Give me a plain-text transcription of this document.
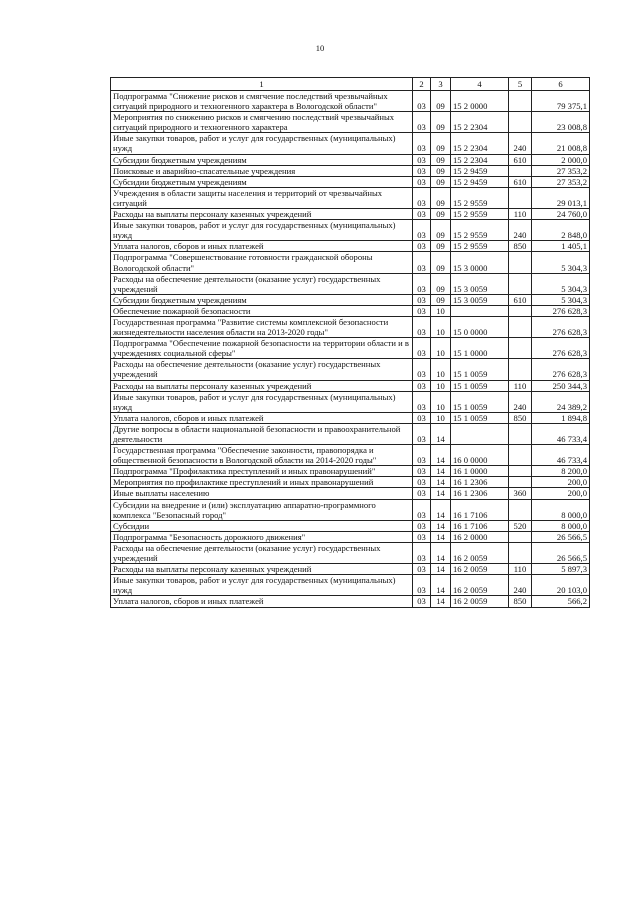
10
1	2	3	4	5	6
Подпрограмма "Снижение рисков и смягчение последствий чрезвычайных ситуаций природного и техногенного характера в Вологодской области"	03	09	15 2 0000		79 375,1
Мероприятия по снижению рисков и смягчению последствий чрезвычайных ситуаций природного и техногенного характера	03	09	15 2 2304		23 008,8
Иные закупки товаров, работ и услуг для государственных (муниципальных) нужд	03	09	15 2 2304	240	21 008,8
Субсидии бюджетным учреждениям	03	09	15 2 2304	610	2 000,0
Поисковые и аварийно-спасательные учреждения	03	09	15 2 9459		27 353,2
Субсидии бюджетным учреждениям	03	09	15 2 9459	610	27 353,2
Учреждения в области защиты населения и территорий от чрезвычайных ситуаций	03	09	15 2 9559		29 013,1
Расходы на выплаты персоналу казенных учреждений	03	09	15 2 9559	110	24 760,0
Иные закупки товаров, работ и услуг для государственных (муниципальных) нужд	03	09	15 2 9559	240	2 848,0
Уплата налогов, сборов и иных платежей	03	09	15 2 9559	850	1 405,1
Подпрограмма "Совершенствование готовности гражданской обороны Вологодской области"	03	09	15 3 0000		5 304,3
Расходы на обеспечение деятельности (оказание услуг) государственных учреждений	03	09	15 3 0059		5 304,3
Субсидии бюджетным учреждениям	03	09	15 3 0059	610	5 304,3
Обеспечение пожарной безопасности	03	10			276 628,3
Государственная программа "Развитие системы комплексной безопасности жизнедеятельности населения области на 2013-2020 годы"	03	10	15 0 0000		276 628,3
Подпрограмма "Обеспечение пожарной безопасности на территории области и в учреждениях социальной сферы"	03	10	15 1 0000		276 628,3
Расходы на обеспечение деятельности (оказание услуг) государственных учреждений	03	10	15 1 0059		276 628,3
Расходы на выплаты персоналу казенных учреждений	03	10	15 1 0059	110	250 344,3
Иные закупки товаров, работ и услуг для государственных (муниципальных) нужд	03	10	15 1 0059	240	24 389,2
Уплата налогов, сборов и иных платежей	03	10	15 1 0059	850	1 894,8
Другие вопросы в области национальной безопасности и правоохранительной деятельности	03	14			46 733,4
Государственная программа "Обеспечение законности, правопорядка и общественной безопасности в Вологодской области на 2014-2020 годы"	03	14	16 0 0000		46 733,4
Подпрограмма "Профилактика преступлений и иных правонарушений"	03	14	16 1 0000		8 200,0
Мероприятия по профилактике преступлений и иных правонарушений	03	14	16 1 2306		200,0
Иные выплаты населению	03	14	16 1 2306	360	200,0
Субсидии на внедрение и (или) эксплуатацию аппаратно-программного комплекса "Безопасный город"	03	14	16 1 7106		8 000,0
Субсидии	03	14	16 1 7106	520	8 000,0
Подпрограмма "Безопасность дорожного движения"	03	14	16 2 0000		26 566,5
Расходы на обеспечение деятельности (оказание услуг) государственных учреждений	03	14	16 2 0059		26 566,5
Расходы на выплаты персоналу казенных учреждений	03	14	16 2 0059	110	5 897,3
Иные закупки товаров, работ и услуг для государственных (муниципальных) нужд	03	14	16 2 0059	240	20 103,0
Уплата налогов, сборов и иных платежей	03	14	16 2 0059	850	566,2
